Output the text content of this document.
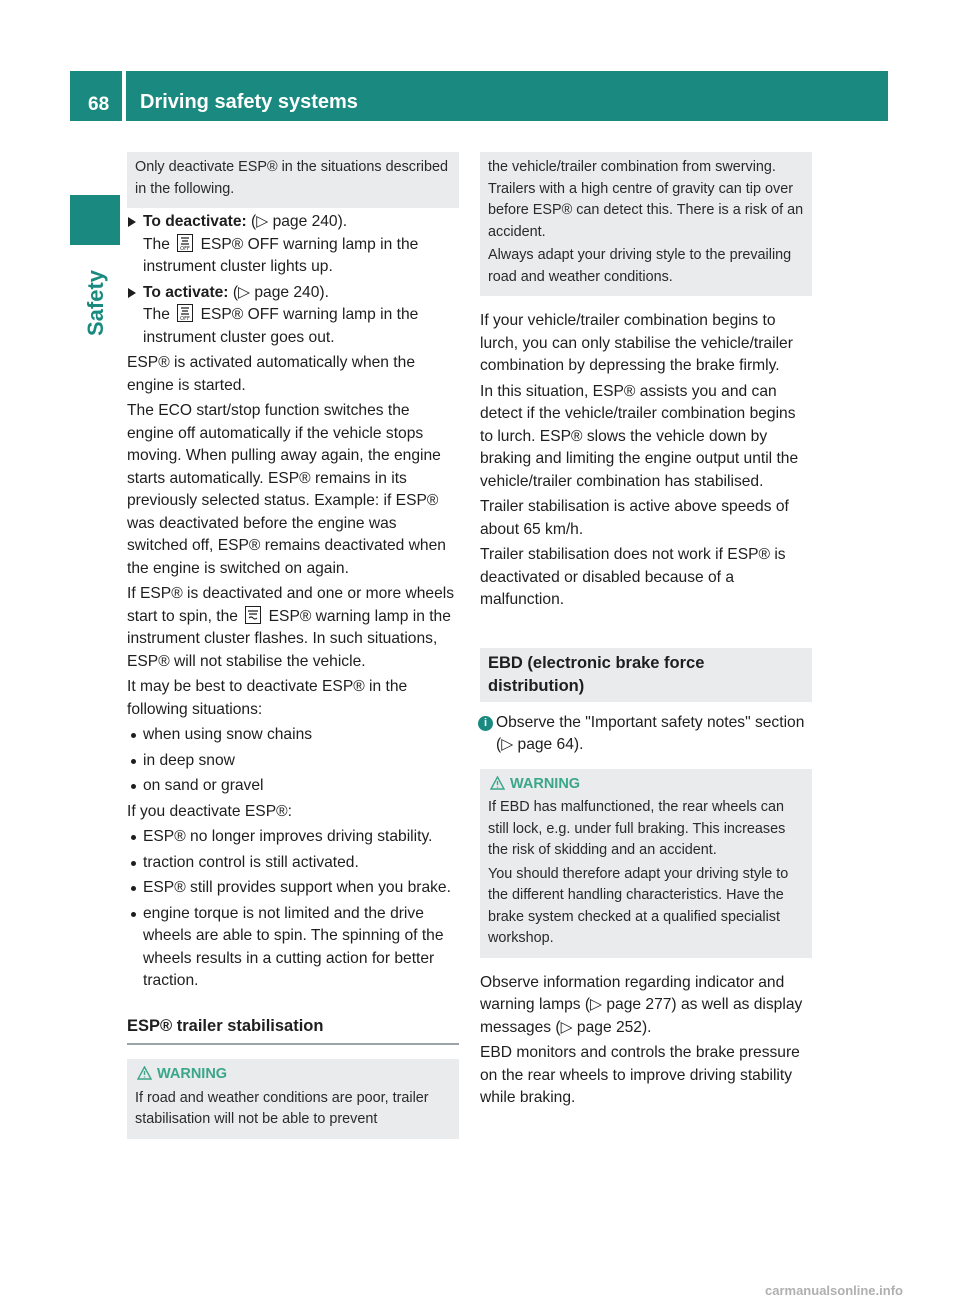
68 Driving safety systems
Safety

Only deactivate ESP® in the situations described in the following.

To deactivate: (▷ page 240).
The OFF ESP® OFF warning lamp in the instrument cluster lights up.
To activate: (▷ page 240).
The OFF ESP® OFF warning lamp in the instrument cluster goes out.

ESP® is activated automatically when the engine is started.

The ECO start/stop function switches the engine off automatically if the vehicle stops moving. When pulling away again, the engine starts automatically. ESP® remains in its previously selected status. Example: if ESP® was deactivated before the engine was switched off, ESP® remains deactivated when the engine is switched on again.

If ESP® is deactivated and one or more wheels start to spin, the ESP® warning lamp in the instrument cluster flashes. In such situations, ESP® will not stabilise the vehicle.

It may be best to deactivate ESP® in the following situations:

when using snow chains
in deep snow
on sand or gravel

If you deactivate ESP®:

ESP® no longer improves driving stability.
traction control is still activated.
ESP® still provides support when you brake.
engine torque is not limited and the drive wheels are able to spin. The spinning of the wheels results in a cutting action for better traction.
ESP® trailer stabilisation
WARNING

If road and weather conditions are poor, trailer stabilisation will not be able to prevent

the vehicle/trailer combination from swerving. Trailers with a high centre of gravity can tip over before ESP® can detect this. There is a risk of an accident.

Always adapt your driving style to the prevailing road and weather conditions.

If your vehicle/trailer combination begins to lurch, you can only stabilise the vehicle/trailer combination by depressing the brake firmly.

In this situation, ESP® assists you and can detect if the vehicle/trailer combination begins to lurch. ESP® slows the vehicle down by braking and limiting the engine output until the vehicle/trailer combination has stabilised.

Trailer stabilisation is active above speeds of about 65 km/h.

Trailer stabilisation does not work if ESP® is deactivated or disabled because of a malfunction.

EBD (electronic brake force distribution)
i Observe the "Important safety notes" section (▷ page 64).
WARNING

If EBD has malfunctioned, the rear wheels can still lock, e.g. under full braking. This increases the risk of skidding and an accident.

You should therefore adapt your driving style to the different handling characteristics. Have the brake system checked at a qualified specialist workshop.

Observe information regarding indicator and warning lamps (▷ page 277) as well as display messages (▷ page 252).

EBD monitors and controls the brake pressure on the rear wheels to improve driving stability while braking.

carmanualsonline.info
